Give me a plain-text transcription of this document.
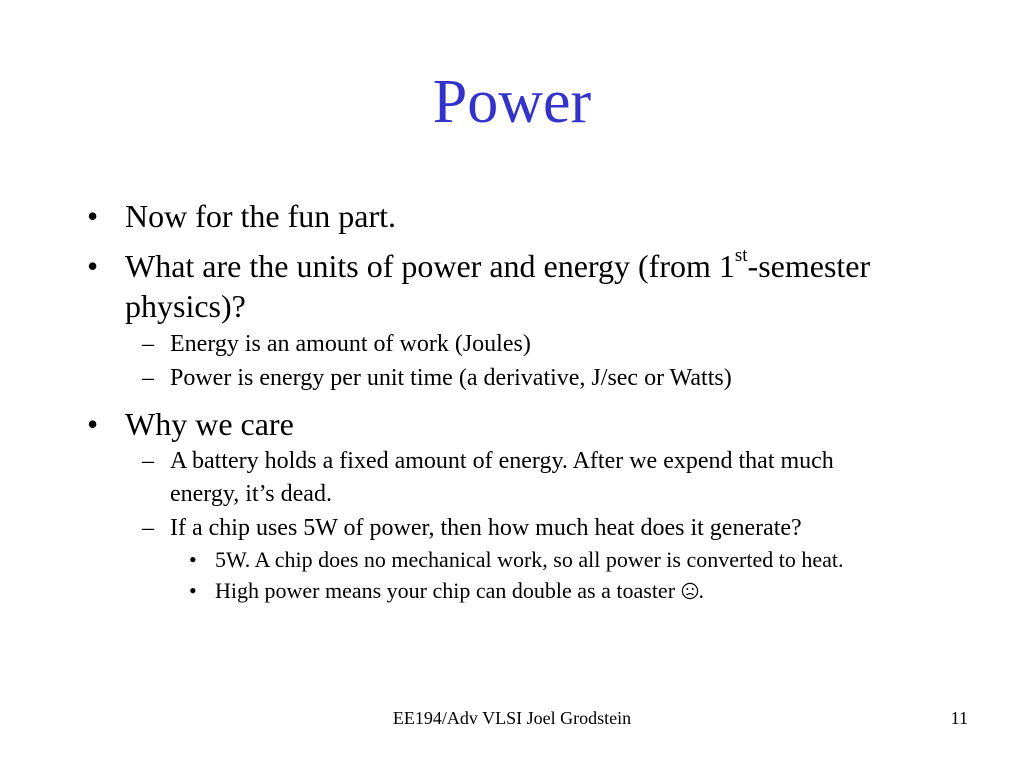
Power
• Now for the fun part.
• What are the units of power and energy (from 1st-semester
physics)?
– Energy is an amount of work (Joules)
– Power is energy per unit time (a derivative, J/sec or Watts)
• Why we care
– A battery holds a fixed amount of energy. After we expend that much
energy, it’s dead.
– If a chip uses 5W of power, then how much heat does it generate?
• 5W. A chip does no mechanical work, so all power is converted to heat.
• High power means your chip can double as a toaster .
EE194/Adv VLSI Joel Grodstein	11
